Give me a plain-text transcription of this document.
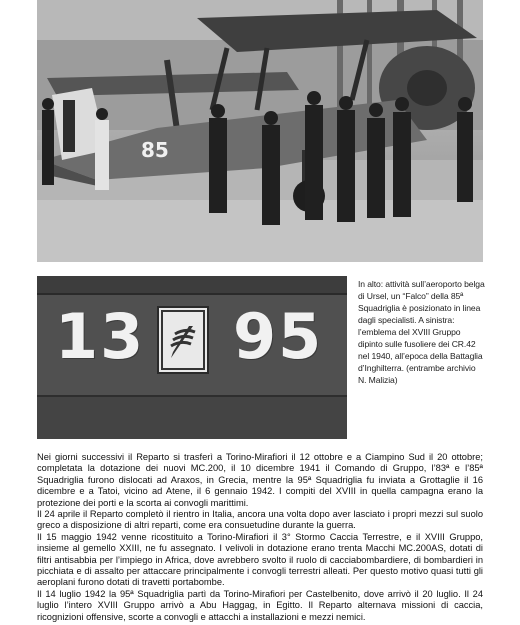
85
13 95
In alto: attività sull’aeroporto belga di Ursel, un “Falco” della 85ª Squadriglia è posizionato in linea dagli specialisti. A sinistra: l’emblema del XVIII Gruppo dipinto sulle fusoliere dei CR.42 nel 1940, all’epoca della Battaglia d’Inghilterra. (entrambe archivio N. Malizia)

Nei giorni successivi il Reparto si trasferì a Torino-Mirafiori il 12 ottobre e a Ciampino Sud il 20 ottobre; completata la dotazione dei nuovi MC.200, il 10 dicembre 1941 il Comando di Gruppo, l’83ª e l’85ª Squadriglia furono dislocati ad Araxos, in Grecia, mentre la 95ª Squadriglia fu inviata a Grottaglie il 16 dicembre e a Tatoi, vicino ad Atene, il 6 gennaio 1942. I compiti del XVIII in quella campagna erano la protezione dei porti e la scorta ai convogli marittimi.

Il 24 aprile il Reparto completò il rientro in Italia, ancora una volta dopo aver lasciato i propri mezzi sul suolo greco a disposizione di altri reparti, come era consuetudine durante la guerra.

Il 15 maggio 1942 venne ricostituito a Torino-Mirafiori il 3° Stormo Caccia Terrestre, e il XVIII Gruppo, insieme al gemello XXIII, ne fu assegnato. I velivoli in dotazione erano trenta Macchi MC.200AS, dotati di filtri antisabbia per l’impiego in Africa, dove avrebbero svolto il ruolo di cacciabombardiere, di bombardieri in picchiata e di assalto per attaccare principalmente i convogli terrestri alleati. Per questo motivo quasi tutti gli aeroplani furono dotati di travetti portabombe.

Il 14 luglio 1942 la 95ª Squadriglia partì da Torino-Mirafiori per Castelbenito, dove arrivò il 20 luglio. Il 24 luglio l’intero XVIII Gruppo arrivò a Abu Haggag, in Egitto. Il Reparto alternava missioni di caccia, ricognizioni offensive, scorte a convogli e attacchi a installazioni e mezzi nemici.
